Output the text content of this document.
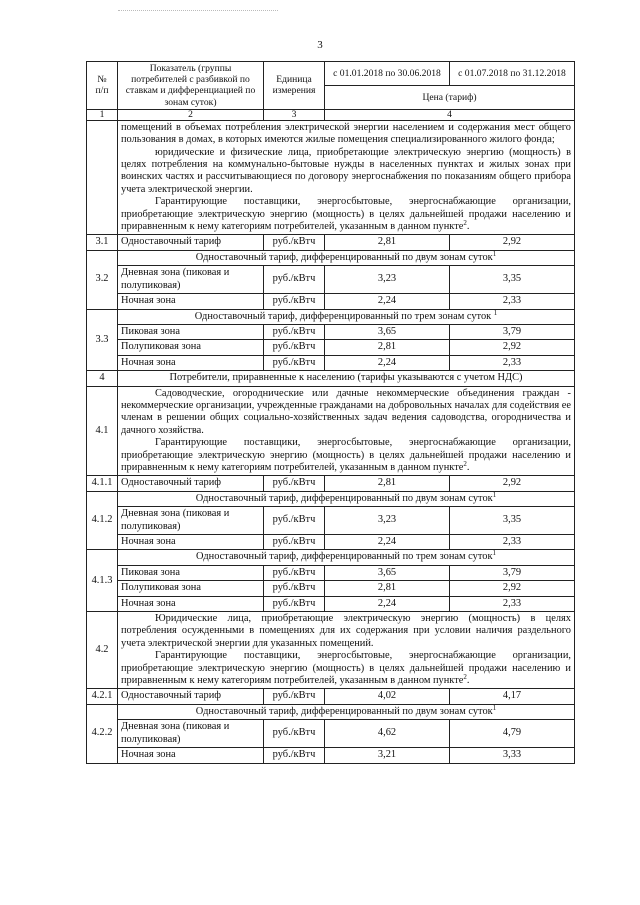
3
№
п/п	Показатель (группы потребителей с разбивкой по ставкам и дифференциацией по зонам суток)	Единица измерения	с 01.01.2018 по 30.06.2018	с 01.07.2018 по 31.12.2018
			Цена (тариф)	
1	2	3	4	

	помещений в объемах потребления электрической энергии населением и содержания мест общего пользования в домах, в которых имеются жилые помещения специализированного жилого фонда;

юридические и физические лица, приобретающие электрическую энергию (мощность) в целях потребления на коммунально-бытовые нужды в населенных пунктах и жилых зонах при воинских частях и рассчитывающиеся по договору энергоснабжения по показаниям общего прибора учета электрической энергии.

Гарантирующие поставщики, энергосбытовые, энергоснабжающие организации, приобретающие электрическую энергию (мощность) в целях дальнейшей продажи населению и приравненным к нему категориям потребителей, указанным в данном пункте$^2$.			

3.1	Одноставочный тариф	руб./кВтч	2,81	2,92
3.2	Одноставочный тариф, дифференцированный по двум зонам суток$^1$
	Дневная зона (пиковая и полупиковая)	руб./кВтч	3,23	3,35
	Ночная зона	руб./кВтч	2,24	2,33
3.3	Одноставочный тариф, дифференцированный по трем зонам суток $^1$
	Пиковая зона	руб./кВтч	3,65	3,79
	Полупиковая зона	руб./кВтч	2,81	2,92
	Ночная зона	руб./кВтч	2,24	2,33
4	Потребители, приравненные к населению (тарифы указываются с учетом НДС)			
4.1	Садоводческие, огороднические или дачные некоммерческие объединения граждан - некоммерческие организации, учрежденные гражданами на добровольных началах для содействия ее членам в решении общих социально-хозяйственных задач ведения садоводства, огородничества и дачного хозяйства.

Гарантирующие поставщики, энергосбытовые, энергоснабжающие организации, приобретающие электрическую энергию (мощность) в целях дальнейшей продажи населению и приравненным к нему категориям потребителей, указанным в данном пункте$^2$.			

4.1.1	Одноставочный тариф	руб./кВтч	2,81	2,92
4.1.2	Одноставочный тариф, дифференцированный по двум зонам суток$^1$
	Дневная зона (пиковая и полупиковая)	руб./кВтч	3,23	3,35
	Ночная зона	руб./кВтч	2,24	2,33
4.1.3	Одноставочный тариф, дифференцированный по трем зонам суток$^1$
	Пиковая зона	руб./кВтч	3,65	3,79
	Полупиковая зона	руб./кВтч	2,81	2,92
	Ночная зона	руб./кВтч	2,24	2,33
4.2	Юридические лица, приобретающие электрическую энергию (мощность) в целях потребления осужденными в помещениях для их содержания при условии наличия раздельного учета электрической энергии для указанных помещений.

Гарантирующие поставщики, энергосбытовые, энергоснабжающие организации, приобретающие электрическую энергию (мощность) в целях дальнейшей продажи населению и приравненным к нему категориям потребителей, указанным в данном пункте$^2$.			

4.2.1	Одноставочный тариф	руб./кВтч	4,02	4,17
4.2.2	Одноставочный тариф, дифференцированный по двум зонам суток$^1$
	Дневная зона (пиковая и полупиковая)	руб./кВтч	4,62	4,79
	Ночная зона	руб./кВтч	3,21	3,33
